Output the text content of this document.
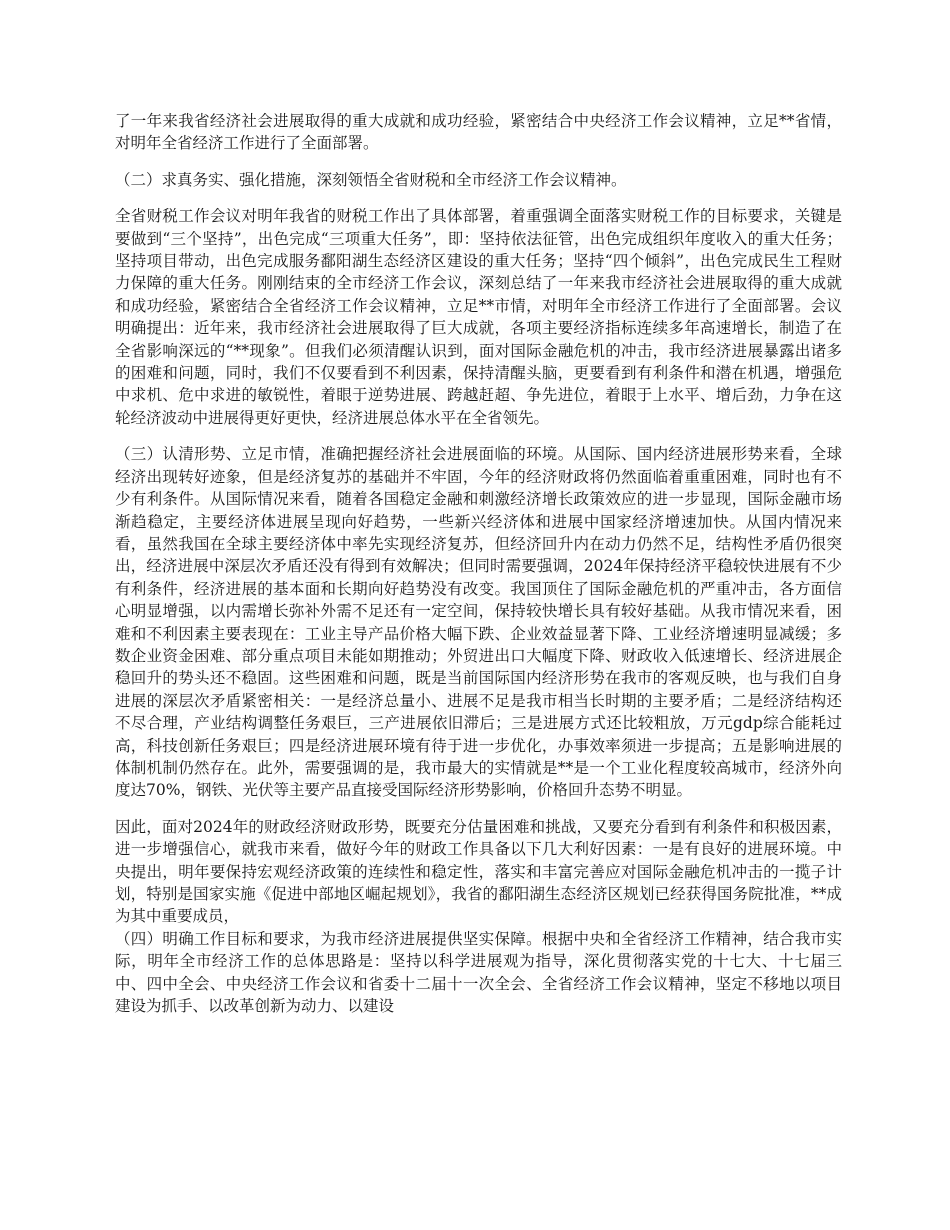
了一年来我省经济社会进展取得的重大成就和成功经验，紧密结合中央经济工作会议精神，立足**省情，对明年全省经济工作进行了全面部署。

（二）求真务实、强化措施，深刻领悟全省财税和全市经济工作会议精神。

全省财税工作会议对明年我省的财税工作出了具体部署，着重强调全面落实财税工作的目标要求，关键是要做到“三个坚持”，出色完成“三项重大任务”，即：坚持依法征管，出色完成组织年度收入的重大任务；坚持项目带动，出色完成服务鄱阳湖生态经济区建设的重大任务；坚持“四个倾斜”，出色完成民生工程财力保障的重大任务。刚刚结束的全市经济工作会议，深刻总结了一年来我市经济社会进展取得的重大成就和成功经验，紧密结合全省经济工作会议精神，立足**市情，对明年全市经济工作进行了全面部署。会议明确提出：近年来，我市经济社会进展取得了巨大成就，各项主要经济指标连续多年高速增长，制造了在全省影响深远的“**现象”。但我们必须清醒认识到，面对国际金融危机的冲击，我市经济进展暴露出诸多的困难和问题，同时，我们不仅要看到不利因素，保持清醒头脑，更要看到有利条件和潜在机遇，增强危中求机、危中求进的敏锐性，着眼于逆势进展、跨越赶超、争先进位，着眼于上水平、增后劲，力争在这轮经济波动中进展得更好更快，经济进展总体水平在全省领先。

（三）认清形势、立足市情，准确把握经济社会进展面临的环境。从国际、国内经济进展形势来看，全球经济出现转好迹象，但是经济复苏的基础并不牢固，今年的经济财政将仍然面临着重重困难，同时也有不少有利条件。从国际情况来看，随着各国稳定金融和刺激经济增长政策效应的进一步显现，国际金融市场渐趋稳定，主要经济体进展呈现向好趋势，一些新兴经济体和进展中国家经济增速加快。从国内情况来看，虽然我国在全球主要经济体中率先实现经济复苏，但经济回升内在动力仍然不足，结构性矛盾仍很突出，经济进展中深层次矛盾还没有得到有效解决；但同时需要强调，2024年保持经济平稳较快进展有不少有利条件，经济进展的基本面和长期向好趋势没有改变。我国顶住了国际金融危机的严重冲击，各方面信心明显增强，以内需增长弥补外需不足还有一定空间，保持较快增长具有较好基础。从我市情况来看，困难和不利因素主要表现在：工业主导产品价格大幅下跌、企业效益显著下降、工业经济增速明显减缓；多数企业资金困难、部分重点项目未能如期推动；外贸进出口大幅度下降、财政收入低速增长、经济进展企稳回升的势头还不稳固。这些困难和问题，既是当前国际国内经济形势在我市的客观反映，也与我们自身进展的深层次矛盾紧密相关：一是经济总量小、进展不足是我市相当长时期的主要矛盾；二是经济结构还不尽合理，产业结构调整任务艰巨，三产进展依旧滞后；三是进展方式还比较粗放，万元gdp综合能耗过高，科技创新任务艰巨；四是经济进展环境有待于进一步优化，办事效率须进一步提高；五是影响进展的体制机制仍然存在。此外，需要强调的是，我市最大的实情就是**是一个工业化程度较高城市，经济外向度达70%，钢铁、光伏等主要产品直接受国际经济形势影响，价格回升态势不明显。

因此，面对2024年的财政经济财政形势，既要充分估量困难和挑战，又要充分看到有利条件和积极因素，进一步增强信心，就我市来看，做好今年的财政工作具备以下几大利好因素：一是有良好的进展环境。中央提出，明年要保持宏观经济政策的连续性和稳定性，落实和丰富完善应对国际金融危机冲击的一揽子计划，特别是国家实施《促进中部地区崛起规划》，我省的鄱阳湖生态经济区规划已经获得国务院批准，**成为其中重要成员，

（四）明确工作目标和要求，为我市经济进展提供坚实保障。根据中央和全省经济工作精神，结合我市实际，明年全市经济工作的总体思路是：坚持以科学进展观为指导，深化贯彻落实党的十七大、十七届三中、四中全会、中央经济工作会议和省委十二届十一次全会、全省经济工作会议精神，坚定不移地以项目建设为抓手、以改革创新为动力、以建设
